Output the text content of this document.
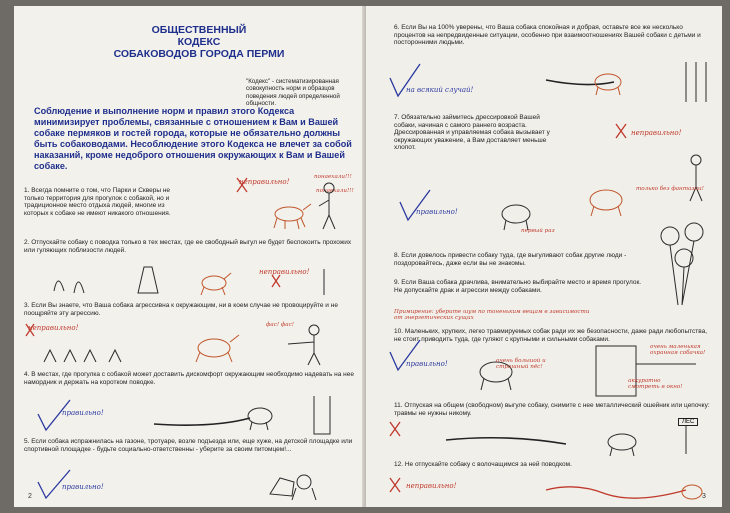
ОБЩЕСТВЕННЫЙ
КОДЕКС
СОБАКОВОДОВ ГОРОДА ПЕРМИ
"Кодекс" - систематизированная совокупность норм и образцов поведения людей определенной общности.
Соблюдение и выполнение норм и правил этого Кодекса минимизирует проблемы, связанные с отношением к Вам и Вашей собаке пермяков и гостей города, которые не обязательно должны быть собаководами. Несоблюдение этого Кодекса не влечет за собой наказаний, кроме недоброго отношения окружающих к Вам и Вашей собаке.
1. Всегда помните о том, что Парки и Скверы не только территория для прогулок с собакой, но и традиционное место отдыха людей, многие из которых к собаке не имеют никакого отношения.
2. Отпускайте собаку с поводка только в тех местах, где ее свободный выгул не будет беспокоить прохожих или гуляющих поблизости людей.
3. Если Вы знаете, что Ваша собака агрессивна к окружающим, ни в коем случае не провоцируйте и не поощряйте эту агрессию.
4. В местах, где прогулка с собакой может доставить дискомфорт окружающим необходимо надевать на нее намордник и держать на коротком поводке.
5. Если собака испражнилась на газоне, тротуаре, возле подъезда или, еще хуже, на детской площадке или спортивной площадке - будьте социально-ответственны - уберите за своим питомцем!...
неправильно!
понаехали!!!
понаехали!!!
неправильно!
неправильно!	фас! фас!
правильно!
правильно!
2
6. Если Вы на 100% уверены, что Ваша собака спокойная и добрая, оставьте все же несколько процентов на непредвиденные ситуации, особенно при взаимоотношениях Вашей собаки с детьми и посторонними людьми.
7. Обязательно займитесь дрессировкой Вашей собаки, начиная с самого раннего возраста. Дрессированная и управляемая собака вызывает у окружающих уважение, а Вам доставляет меньше хлопот.
8. Если довелось привести собаку туда, где выгуливают собак другие люди - поздоровайтесь, даже если вы не знакомы.
9. Если Ваша собака драчлива, внимательно выбирайте место и время прогулок. Не допускайте драк и агрессии между собаками.
10. Маленьких, хрупких, легко травмируемых собак ради их же безопасности, даже ради любопытства, не стоит приводить туда, где гуляют с крупными и сильными собаками.
11. Отпуская на общем (свободном) выгуле собаку, снимите с нее металлический ошейник или цепочку: травмы не нужны никому.
12. Не отпускайте собаку с волочащимся за ней поводком.
на всякий случай!
неправильно!
только без фантазии!
правильно!
первый раз
Примирение: уберите шум по тоненьким вещам в зависимости от энергетических сущих
правильно!	очень большой и страшный пёс!
очень маленькая охранная собачка!
аккуратно смотреть в окно!
ЛЕС
неправильно!
3
